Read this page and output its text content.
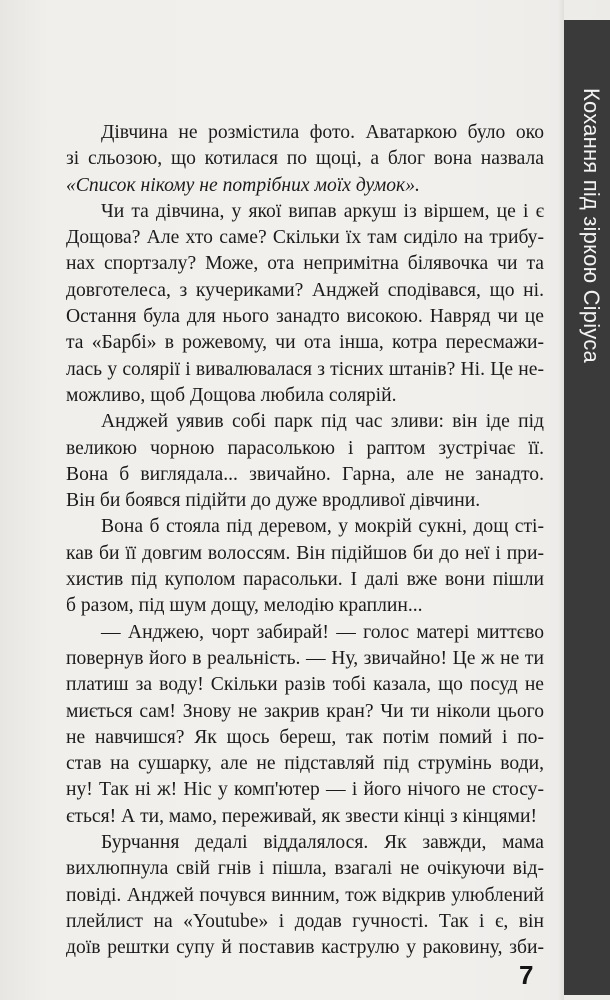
Кохання під зіркою Сіріуса
Дівчина не розмістила фото. Аватаркою було око
зі сльозою, що котилася по щоці, а блог вона назвала
«Список нікому не потрібних моїх думок».
Чи та дівчина, у якої випав аркуш із віршем, це і є
Дощова? Але хто саме? Скільки їх там сиділо на трибу-
нах спортзалу? Може, ота непримітна білявочка чи та
довготелеса, з кучериками? Анджей сподівався, що ні.
Остання була для нього занадто високою. Навряд чи це
та «Барбі» в рожевому, чи ота інша, котра пересмажи-
лась у солярії і вивалювалася з тісних штанів? Ні. Це не-
можливо, щоб Дощова любила солярій.
Анджей уявив собі парк під час зливи: він іде під
великою чорною парасолькою і раптом зустрічає її.
Вона б виглядала... звичайно. Гарна, але не занадто.
Він би боявся підійти до дуже вродливої дівчини.
Вона б стояла під деревом, у мокрій сукні, дощ сті-
кав би її довгим волоссям. Він підійшов би до неї і при-
хистив під куполом парасольки. І далі вже вони пішли
б разом, під шум дощу, мелодію краплин...
— Анджею, чорт забирай! — голос матері миттєво
повернув його в реальність. — Ну, звичайно! Це ж не ти
платиш за воду! Скільки разів тобі казала, що посуд не
миється сам! Знову не закрив кран? Чи ти ніколи цього
не навчишся? Як щось береш, так потім помий і по-
став на сушарку, але не підставляй під струмінь води,
ну! Так ні ж! Ніс у комп'ютер — і його нічого не стосу-
ється! А ти, мамо, переживай, як звести кінці з кінцями!
Бурчання дедалі віддалялося. Як завжди, мама
вихлюпнула свій гнів і пішла, взагалі не очікуючи від-
повіді. Анджей почувся винним, тож відкрив улюблений
плейлист на «Youtube» і додав гучності. Так і є, він
доїв рештки супу й поставив каструлю у раковину, зби-
7
